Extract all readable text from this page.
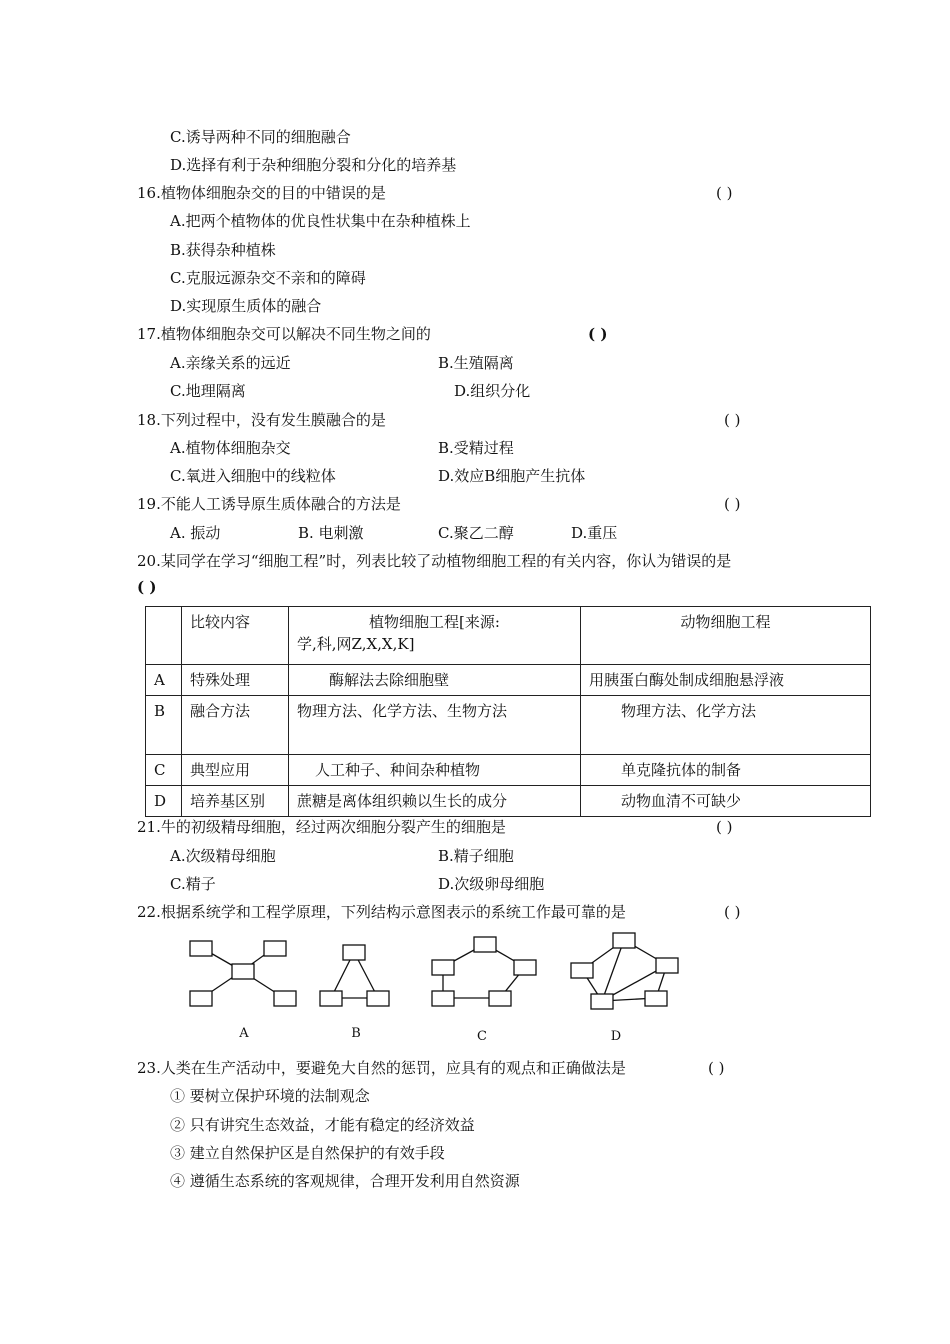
C.诱导两种不同的细胞融合
D.选择有利于杂种细胞分裂和分化的培养基
16.植物体细胞杂交的目的中错误的是	( )
A.把两个植物体的优良性状集中在杂种植株上
B.获得杂种植株
C.克服远源杂交不亲和的障碍
D.实现原生质体的融合
17.植物体细胞杂交可以解决不同生物之间的	( )
A.亲缘关系的远近	B.生殖隔离
C.地理隔离	D.组织分化
18.下列过程中，没有发生膜融合的是	( )
A.植物体细胞杂交	B.受精过程
C.氧进入细胞中的线粒体	D.效应B细胞产生抗体
19.不能人工诱导原生质体融合的方法是	( )
A. 振动	B. 电刺激	C.聚乙二醇	D.重压
20.某同学在学习“细胞工程”时，列表比较了动植物细胞工程的有关内容，你认为错误的是
( )
	比较内容	植物细胞工程[来源:
学,科,网Z,X,X,K]	动物细胞工程
A	特殊处理	酶解法去除细胞壁	用胰蛋白酶处制成细胞悬浮液
B	融合方法	物理方法、化学方法、生物方法	物理方法、化学方法
C	典型应用	人工种子、种间杂种植物	单克隆抗体的制备
D	培养基区别	蔗糖是离体组织赖以生长的成分	动物血清不可缺少
21.牛的初级精母细胞，经过两次细胞分裂产生的细胞是	( )
A.次级精母细胞	B.精子细胞
C.精子	D.次级卵母细胞
22.根据系统学和工程学原理，下列结构示意图表示的系统工作最可靠的是	( )
A	B	C	D
23.人类在生产活动中，要避免大自然的惩罚，应具有的观点和正确做法是	( )
① 要树立保护环境的法制观念
② 只有讲究生态效益，才能有稳定的经济效益
③ 建立自然保护区是自然保护的有效手段
④ 遵循生态系统的客观规律，合理开发利用自然资源
